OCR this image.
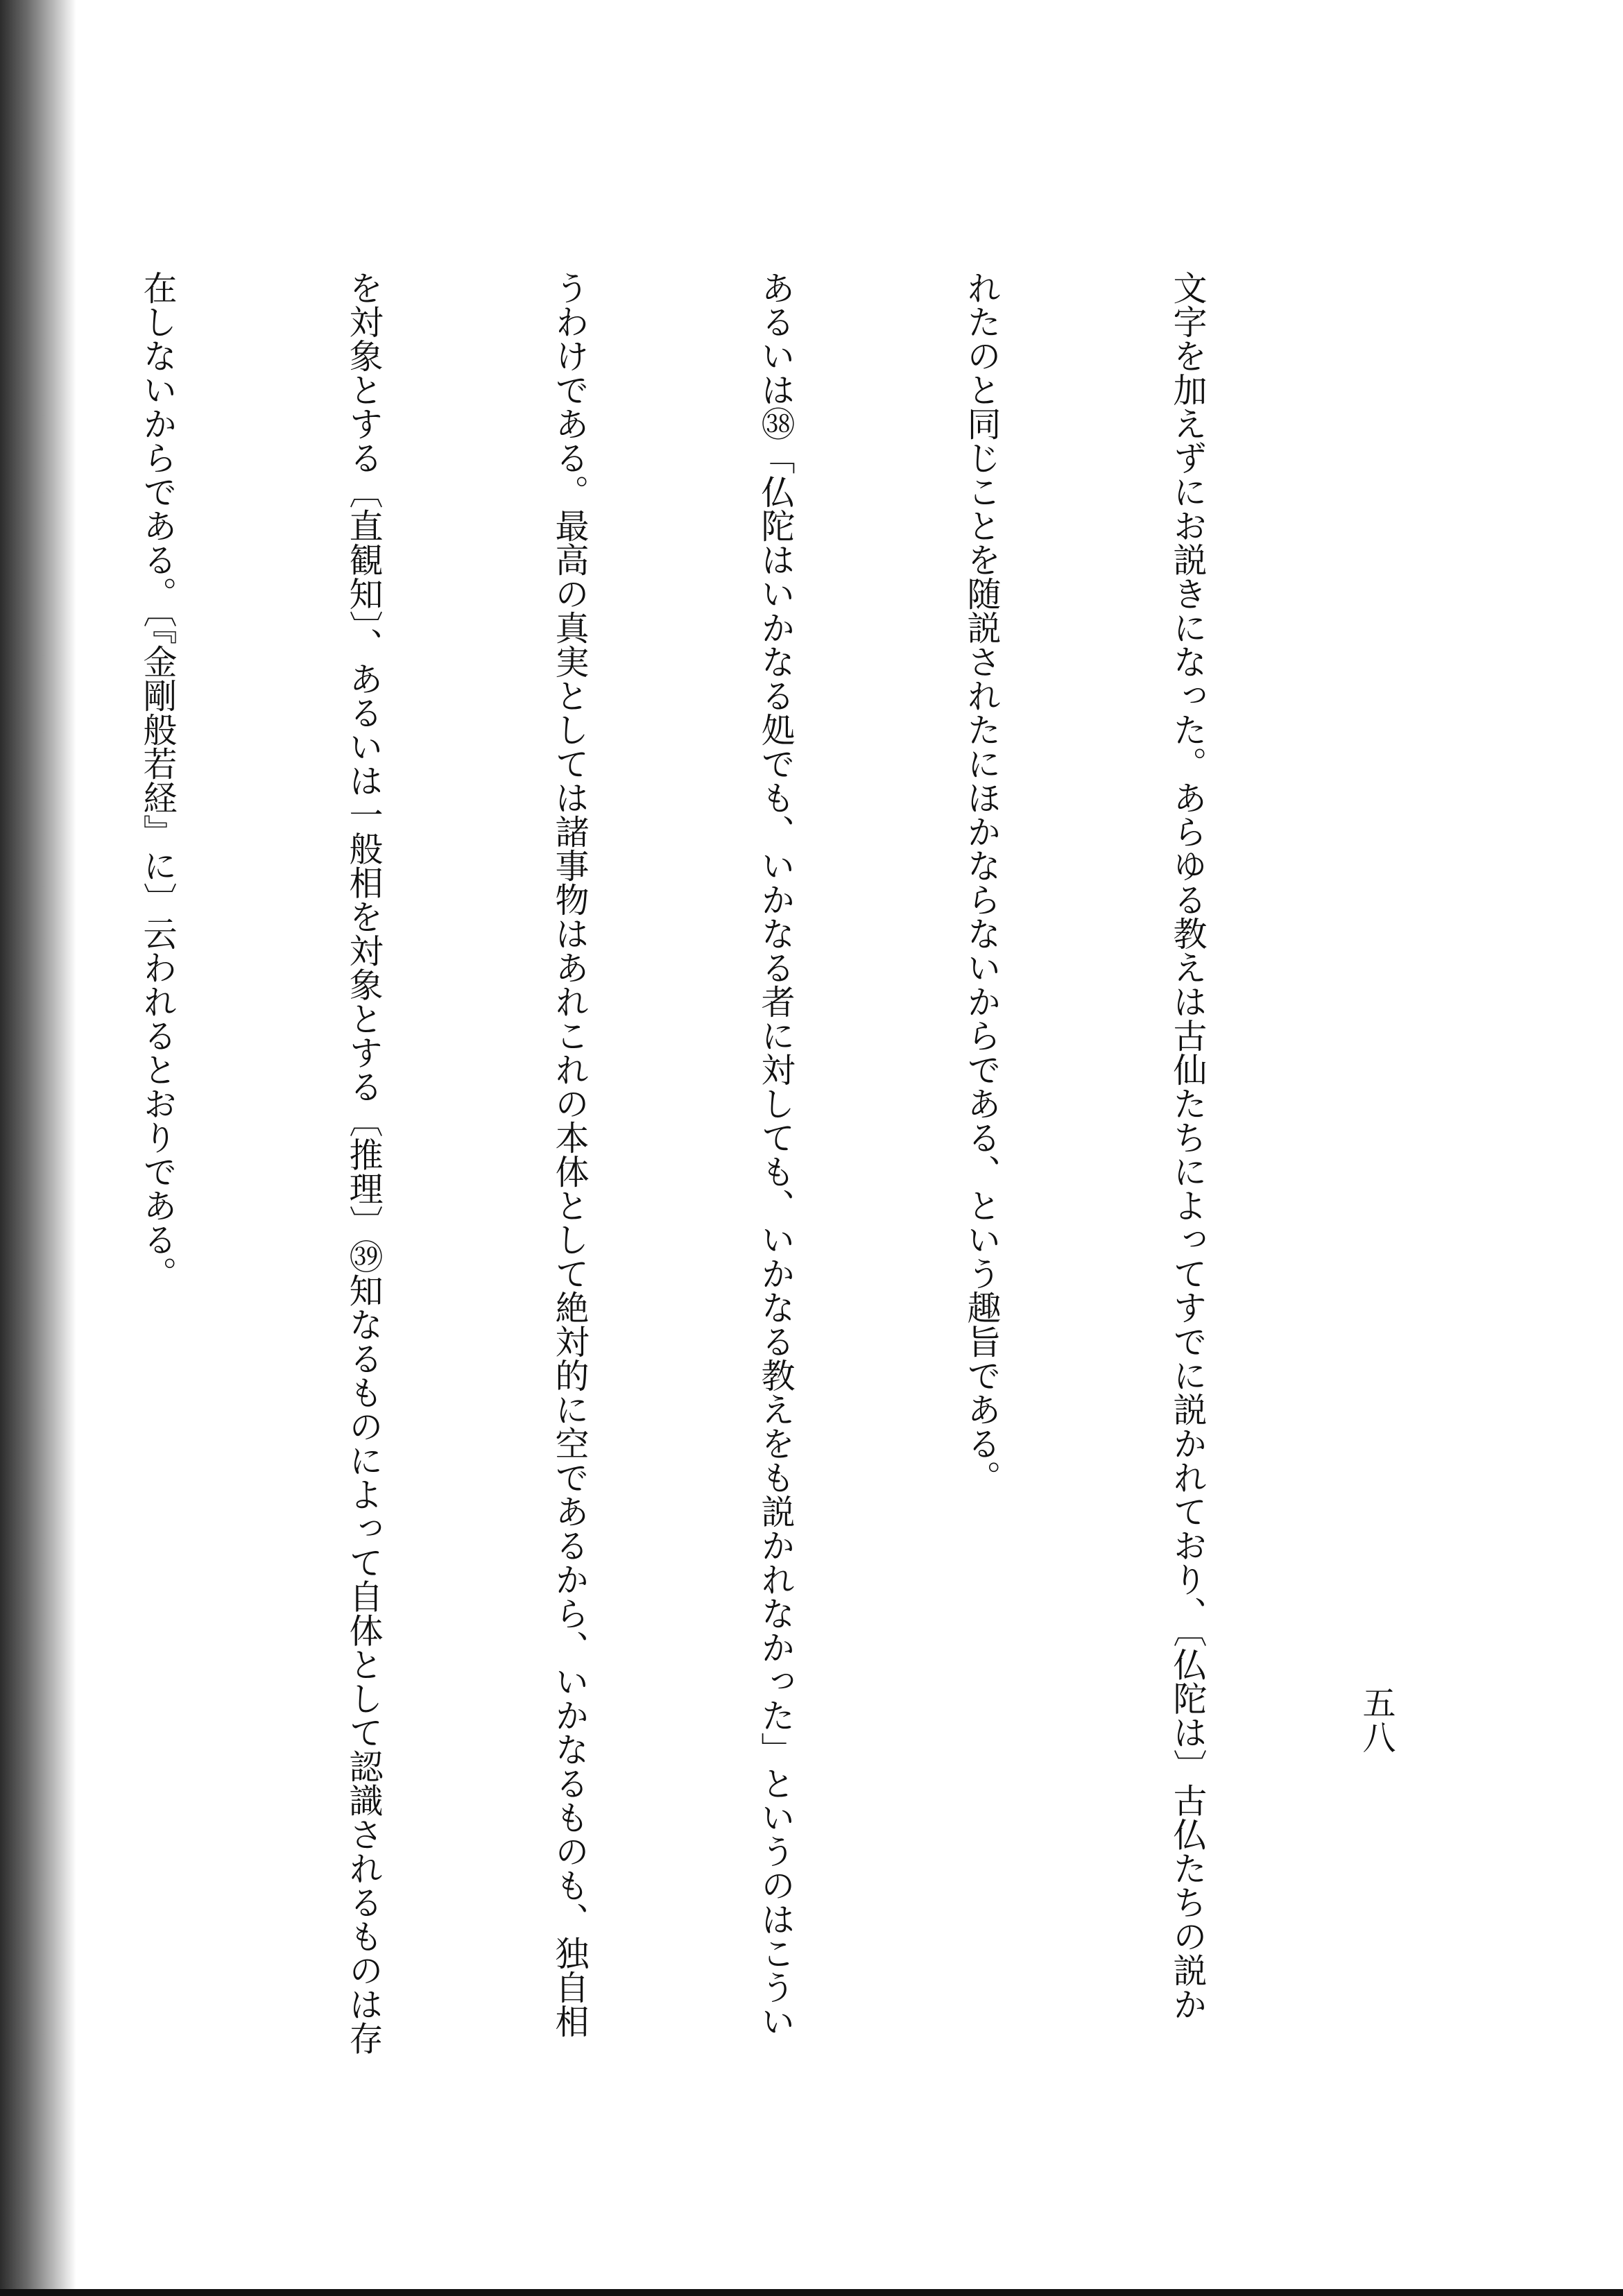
五八

文字を加えずにお説きになった。あらゆる教えは古仙たちによってすでに説かれており、〔仏陀は〕古仏たちの説か

れたのと同じことを随説されたにほかならないからである、という趣旨である。

あるいは㊳「仏陀はいかなる処でも、いかなる者に対しても、いかなる教えをも説かれなかった」というのはこうい

うわけである。最高の真実としては諸事物はあれこれの本体として絶対的に空であるから、いかなるものも、独自相

を対象とする〔直観知〕、あるいは一般相を対象とする〔推理〕㊴知なるものによって自体として認識されるものは存

在しないからである。〔『金剛般若経』に〕云われるとおりである。
